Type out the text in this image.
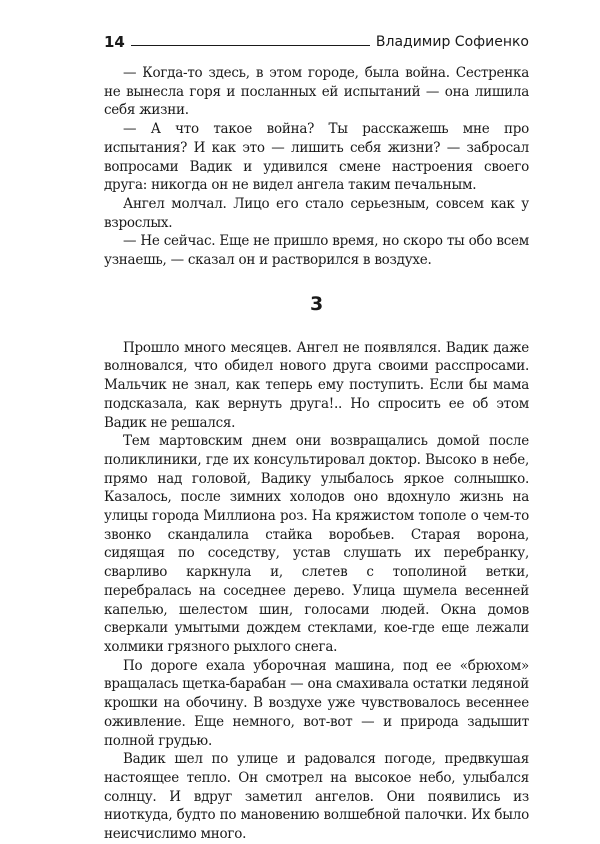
14	Владимир Софиенко

— Когда-то здесь, в этом городе, была война. Сестренка не вынесла горя и посланных ей испытаний — она лишила себя жизни.

— А что такое война? Ты расскажешь мне про испытания? И как это — лишить себя жизни? — забросал вопросами Вадик и удивился смене настроения своего друга: никогда он не видел ангела таким печальным.

Ангел молчал. Лицо его стало серьезным, совсем как у взрослых.

— Не сейчас. Еще не пришло время, но скоро ты обо всем узнаешь, — сказал он и растворился в воздухе.

3

Прошло много месяцев. Ангел не появлялся. Вадик даже волновался, что обидел нового друга своими расспросами. Мальчик не знал, как теперь ему поступить. Если бы мама подсказала, как вернуть друга!.. Но спросить ее об этом Вадик не решался.

Тем мартовским днем они возвращались домой после поликлиники, где их консультировал доктор. Высоко в небе, прямо над головой, Вадику улыбалось яркое солнышко. Казалось, после зимних холодов оно вдохнуло жизнь на улицы города Миллиона роз. На кряжистом тополе о чем-то звонко скандалила стайка воробьев. Старая ворона, сидящая по соседству, устав слушать их перебранку, сварливо каркнула и, слетев с тополиной ветки, перебралась на соседнее дерево. Улица шумела весенней капелью, шелестом шин, голосами людей. Окна домов сверкали умытыми дождем стеклами, кое-где еще лежали холмики грязного рыхлого снега.

По дороге ехала уборочная машина, под ее «брюхом» вращалась щетка-барабан — она смахивала остатки ледяной крошки на обочину. В воздухе уже чувствовалось весеннее оживление. Еще немного, вот-вот — и природа задышит полной грудью.

Вадик шел по улице и радовался погоде, предвкушая настоящее тепло. Он смотрел на высокое небо, улыбался солнцу. И вдруг заметил ангелов. Они появились из ниоткуда, будто по мановению волшебной палочки. Их было неисчислимо много.
